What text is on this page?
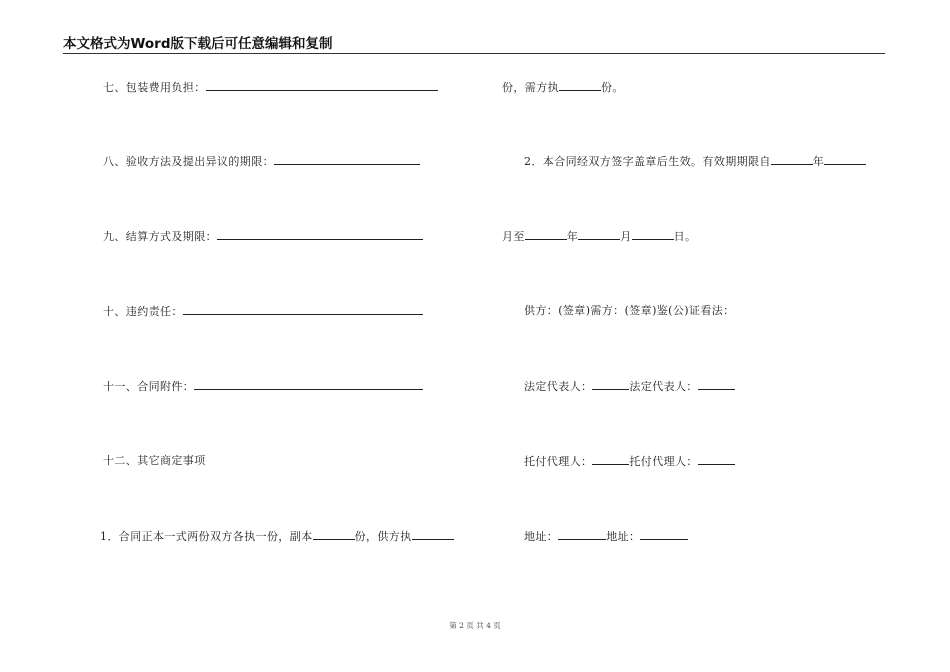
本文格式为Word版下载后可任意编辑和复制
七、包装费用负担：
八、验收方法及提出异议的期限：
九、结算方式及期限：
十、违约责任：
十一、合同附件：
十二、其它商定事项
1．合同正本一式两份双方各执一份，副本	份，供方执
份，需方执	份。
2．本合同经双方签字盖章后生效。有效期期限自	年
月至	年	月	日。
供方：(签章)需方：(签章)鉴(公)证看法：
法定代表人：	法定代表人：
托付代理人：	托付代理人：
地址：	地址：
第 2 页 共 4 页
